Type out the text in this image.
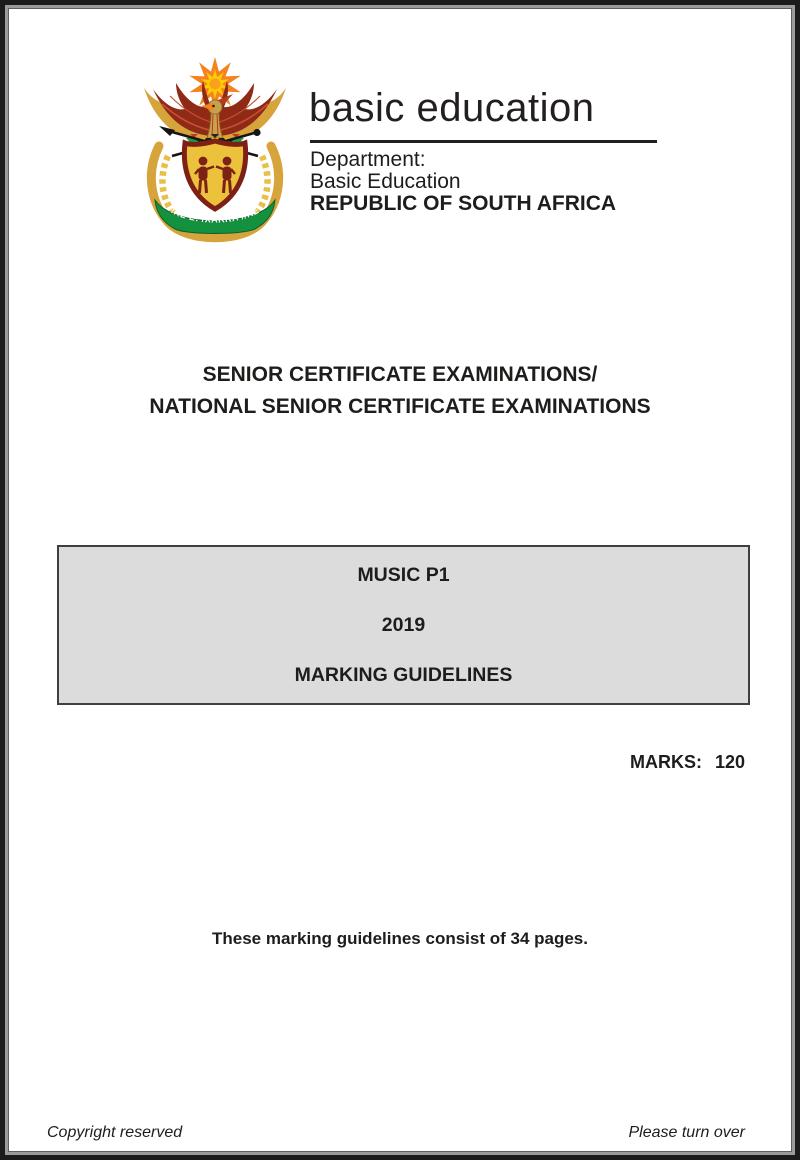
!KE E: /XARRA //KE
basic education
Department:
Basic Education
REPUBLIC OF SOUTH AFRICA
SENIOR CERTIFICATE EXAMINATIONS/
NATIONAL SENIOR CERTIFICATE EXAMINATIONS
MUSIC P1
2019
MARKING GUIDELINES
MARKS: 120
These marking guidelines consist of 34 pages.
Copyright reserved	Please turn over
